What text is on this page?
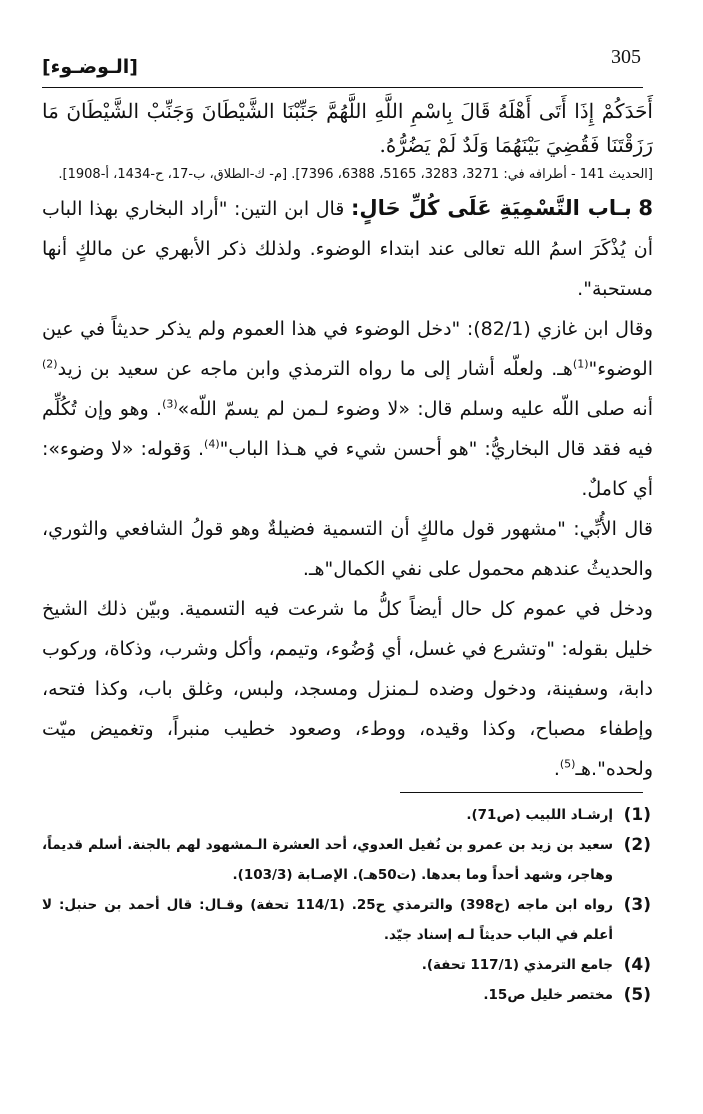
305
[الـوضـوء]

أَحَدَكُمْ إِذَا أَتَى أَهْلَهُ قَالَ بِاسْمِ اللَّهِ اللَّهُمَّ جَنِّبْنَا الشَّيْطَانَ وَجَنِّبْ الشَّيْطَانَ مَا رَزَقْتَنَا فَقُضِيَ بَيْنَهُمَا وَلَدٌ لَمْ يَضُرُّهُ.

[الحديث 141 - أطرافه في: 3271، 3283، 5165، 6388، 7396]. [م- ك-الطلاق، ب-17، ح-1434، أ-1908].

8 بـاب التَّسْمِيَةِ عَلَى كُلِّ حَالٍ: قال ابن التين: "أراد البخاري بهذا الباب أن يُذْكَرَ اسمُ الله تعالى عند ابتداء الوضوء. ولذلك ذكر الأبهري عن مالكٍ أنها مستحبة".

وقال ابن غازي (82/1): "دخل الوضوء في هذا العموم ولم يذكر حديثاً في عين الوضوء"$^{(1)}$هـ. ولعلّه أشار إلى ما رواه الترمذي وابن ماجه عن سعيد بن زيد$^{(2)}$ أنه صلى اللّه عليه وسلم قال: «لا وضوء لـمن لم يسمّ اللّه»$^{(3)}$. وهو وإن تُكُلِّم فيه فقد قال البخاريُّ: "هو أحسن شيء في هـذا الباب"$^{(4)}$. وَقوله: «لا وضوء»: أي كاملٌ.

قال الأُبِّي: "مشهور قول مالكٍ أن التسمية فضيلةٌ وهو قولُ الشافعي والثوري، والحديثُ عندهم محمول على نفي الكمال"هـ.

ودخل في عموم كل حال أيضاً كلُّ ما شرعت فيه التسمية. وبيّن ذلك الشيخ خليل بقوله: "وتشرع في غسل، أي وُضُوء، وتيمم، وأكل وشرب، وذكاة، وركوب دابة، وسفينة، ودخول وضده لـمنزل ومسجد، ولبس، وغلق باب، وكذا فتحه، وإطفاء مصباح، وكذا وقيده، ووطء، وصعود خطيب منبراً، وتغميض ميّت ولحده".هـ$^{(5)}$.

(1)
إرشـاد اللبيب (ص71).
(2)
سعيد بن زيد بن عمرو بن نُفيل العدوي، أحد العشرة الـمشهود لهم بالجنة. أسلم قديماً، وهاجر، وشهد أحداً وما بعدها. (ت50هـ). الإصـابة (103/3).
(3)
رواه ابن ماجه (ح398) والترمذي ح25. (114/1 تحفة) وقـال: قال أحمد بن حنبل: لا أعلم في الباب حديثاً لـه إسناد جيّد.
(4)
جامع الترمذي (117/1 تحفة).
(5)
مختصر خليل ص15.
